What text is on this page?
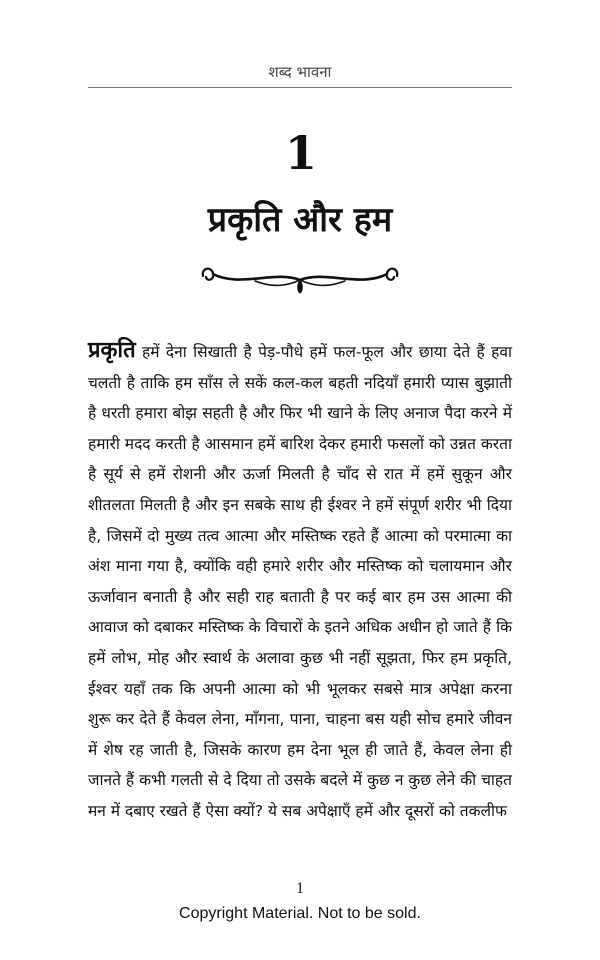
शब्द भावना
1
प्रकृति और हम

प्रकृति हमें देना सिखाती है पेड़-पौधे हमें फल-फूल और छाया देते हैं हवा चलती है ताकि हम साँस ले सकें कल-कल बहती नदियाँ हमारी प्यास बुझाती है धरती हमारा बोझ सहती है और फिर भी खाने के लिए अनाज पैदा करने में हमारी मदद करती है आसमान हमें बारिश देकर हमारी फसलों को उन्नत करता है सूर्य से हमें रोशनी और ऊर्जा मिलती है चाँद से रात में हमें सुकून और शीतलता मिलती है और इन सबके साथ ही ईश्वर ने हमें संपूर्ण शरीर भी दिया है, जिसमें दो मुख्य तत्व आत्मा और मस्तिष्क रहते हैं आत्मा को परमात्मा का अंश माना गया है, क्योंकि वही हमारे शरीर और मस्तिष्क को चलायमान और ऊर्जावान बनाती है और सही राह बताती है पर कई बार हम उस आत्मा की आवाज को दबाकर मस्तिष्क के विचारों के इतने अधिक अधीन हो जाते हैं कि हमें लोभ, मोह और स्वार्थ के अलावा कुछ भी नहीं सूझता, फिर हम प्रकृति, ईश्वर यहाँ तक कि अपनी आत्मा को भी भूलकर सबसे मात्र अपेक्षा करना शुरू कर देते हैं केवल लेना, माँगना, पाना, चाहना बस यही सोच हमारे जीवन में शेष रह जाती है, जिसके कारण हम देना भूल ही जाते हैं, केवल लेना ही जानते हैं कभी गलती से दे दिया तो उसके बदले में कुछ न कुछ लेने की चाहत मन में दबाए रखते हैं ऐसा क्यों? ये सब अपेक्षाएँ हमें और दूसरों को तकलीफ

1
Copyright Material. Not to be sold.
